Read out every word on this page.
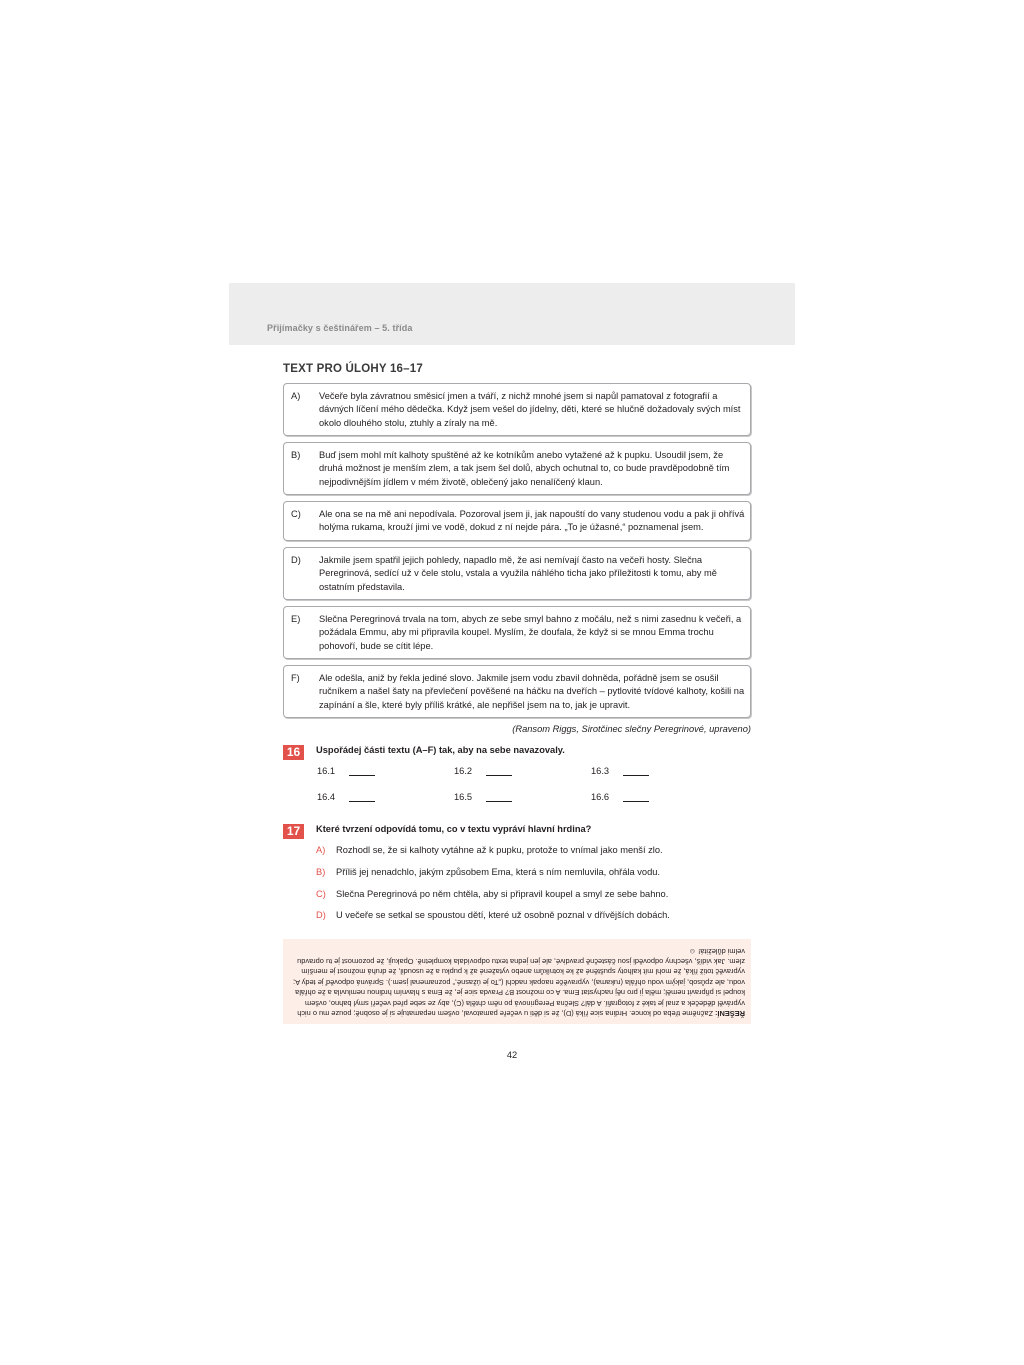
Přijímačky s češtinářem – 5. třída
TEXT PRO ÚLOHY 16–17
A) Večeře byla závratnou směsicí jmen a tváří, z nichž mnohé jsem si napůl pamatoval z fotografií a dávných líčení mého dědečka. Když jsem vešel do jídelny, děti, které se hlučně dožadovaly svých míst okolo dlouhého stolu, ztuhly a zíraly na mě.
B) Buď jsem mohl mít kalhoty spuštěné až ke kotníkům anebo vytažené až k pupku. Usoudil jsem, že druhá možnost je menším zlem, a tak jsem šel dolů, abych ochutnal to, co bude pravděpodobně tím nejpodivnějším jídlem v mém životě, oblečený jako nenalíčený klaun.
C) Ale ona se na mě ani nepodívala. Pozoroval jsem ji, jak napouští do vany studenou vodu a pak ji ohřívá holýma rukama, krouží jimi ve vodě, dokud z ní nejde pára. „To je úžasné,“ poznamenal jsem.
D) Jakmile jsem spatřil jejich pohledy, napadlo mě, že asi nemívají často na večeři hosty. Slečna Peregrinová, sedící už v čele stolu, vstala a využila náhlého ticha jako příležitosti k tomu, aby mě ostatním představila.
E) Slečna Peregrinová trvala na tom, abych ze sebe smyl bahno z močálu, než s nimi zasednu k večeři, a požádala Emmu, aby mi připravila koupel. Myslím, že doufala, že když si se mnou Emma trochu pohovoří, bude se cítit lépe.
F) Ale odešla, aniž by řekla jediné slovo. Jakmile jsem vodu zbavil dohněda, pořádně jsem se osušil ručníkem a našel šaty na převlečení pověšené na háčku na dveřích – pytlovité tvídové kalhoty, košili na zapínání a šle, které byly příliš krátké, ale nepřišel jsem na to, jak je upravit.
(Ransom Riggs, Sirotčinec slečny Peregrinové, upraveno)
16	Uspořádej části textu (A–F) tak, aby na sebe navazovaly.
16.1	16.2	16.3
16.4	16.5	16.6
17	Které tvrzení odpovídá tomu, co v textu vypráví hlavní hrdina?
A) Rozhodl se, že si kalhoty vytáhne až k pupku, protože to vnímal jako menší zlo.
B) Příliš jej nenadchlo, jakým způsobem Ema, která s ním nemluvila, ohřála vodu.
C) Slečna Peregrinová po něm chtěla, aby si připravil koupel a smyl ze sebe bahno.
D) U večeře se setkal se spoustou dětí, které už osobně poznal v dřívějších dobách.
ŘEŠENÍ: Začněme třeba od konce. Hrdina sice říká (D), že si děti u večeře pamatoval, ovšem nepamatuje si je osobně; pouze mu o nich vyprávěl dědeček a znal je také z fotografií. A dál? Slečna Peregrinová po něm chtěla (C), aby ze sebe před večeří smyl bahno, ovšem koupel si připravit neměl; měla ji pro něj nachystat Ema. A co možnost B? Pravda sice je, že Ema s hlavním hrdinou nemluvila a že ohřála vodu, ale způsob, jakým vodu ohřála (rukama), vypravěče naopak nadchl („To je úžasné,“ poznamenal jsem.). Správná odpověď je tedy A; vypravěč totiž říká, že mohl mít kalhoty spuštěné až ke kotníkům anebo vytažené až k pupku a že usoudil, že druhá možnost je menším zlem. Jak vidíš, všechny odpovědi jsou částečně pravdivé, ale jen jedna textu odpovídala kompletně. Opakuji, že pozornost je tu opravdu velmi důležitá! ☺
42
